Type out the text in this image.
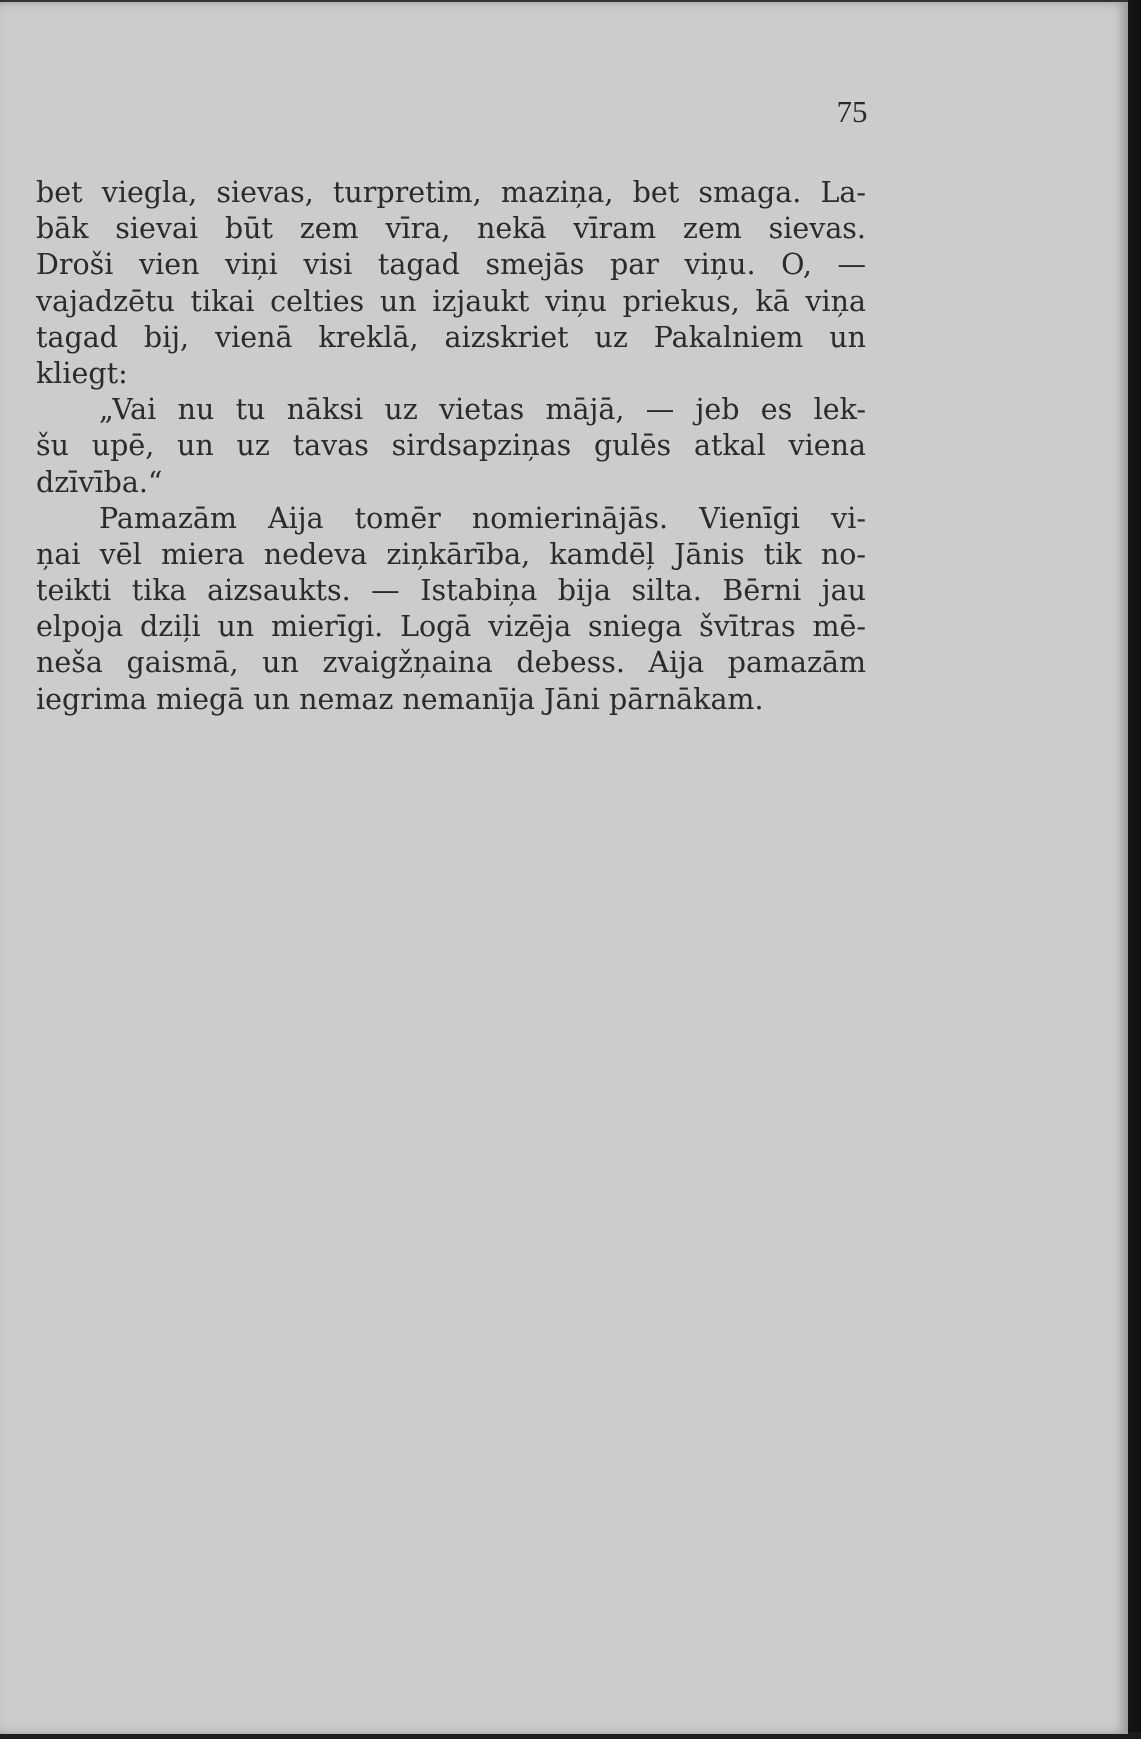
75
bet viegla, sievas, turpretim, maziņa, bet smaga. La-
bāk sievai būt zem vīra, nekā vīram zem sievas.
Droši vien viņi visi tagad smejās par viņu. O, —
vajadzētu tikai celties un izjaukt viņu priekus, kā viņa
tagad bij, vienā kreklā, aizskriet uz Pakalniem un
kliegt:
„Vai nu tu nāksi uz vietas mājā, — jeb es lek-
šu upē, un uz tavas sirdsapziņas gulēs atkal viena
dzīvība.“
Pamazām Aija tomēr nomierinājās. Vienīgi vi-
ņai vēl miera nedeva ziņkārība, kamdēļ Jānis tik no-
teikti tika aizsaukts. — Istabiņa bija silta. Bērni jau
elpoja dziļi un mierīgi. Logā vizēja sniega švītras mē-
neša gaismā, un zvaigžņaina debess. Aija pamazām
iegrima miegā un nemaz nemanīja Jāni pārnākam.
